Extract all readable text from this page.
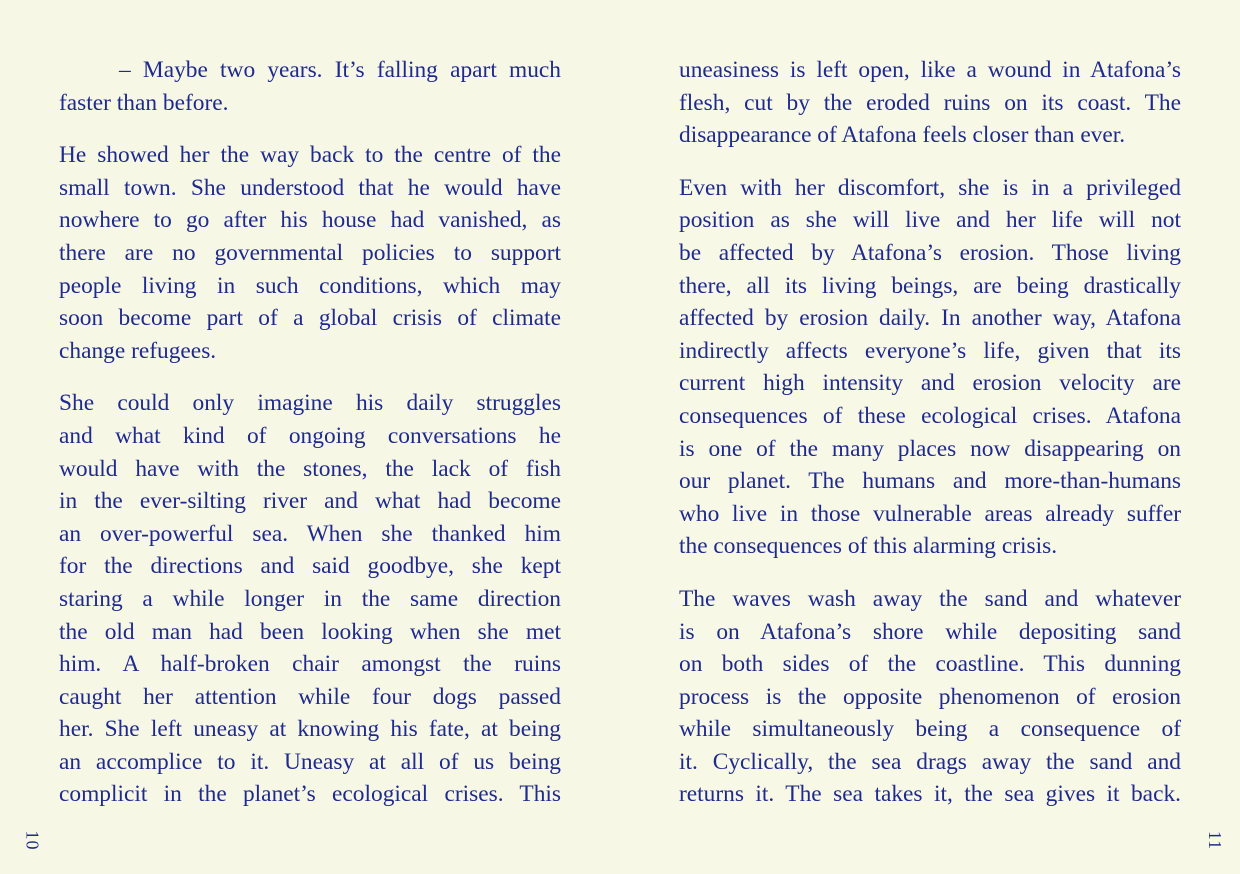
– Maybe two years. It’s falling apart much
faster than before.
He showed her the way back to the centre of the
small town. She understood that he would have
nowhere to go after his house had vanished, as
there are no governmental policies to support
people living in such conditions, which may
soon become part of a global crisis of climate
change refugees.
She could only imagine his daily struggles
and what kind of ongoing conversations he
would have with the stones, the lack of fish
in the ever-silting river and what had become
an over-powerful sea. When she thanked him
for the directions and said goodbye, she kept
staring a while longer in the same direction
the old man had been looking when she met
him. A half-broken chair amongst the ruins
caught her attention while four dogs passed
her. She left uneasy at knowing his fate, at being
an accomplice to it. Uneasy at all of us being
complicit in the planet’s ecological crises. This
10
uneasiness is left open, like a wound in Atafona’s
flesh, cut by the eroded ruins on its coast. The
disappearance of Atafona feels closer than ever.
Even with her discomfort, she is in a privileged
position as she will live and her life will not
be affected by Atafona’s erosion. Those living
there, all its living beings, are being drastically
affected by erosion daily. In another way, Atafona
indirectly affects everyone’s life, given that its
current high intensity and erosion velocity are
consequences of these ecological crises. Atafona
is one of the many places now disappearing on
our planet. The humans and more-than-humans
who live in those vulnerable areas already suffer
the consequences of this alarming crisis.
The waves wash away the sand and whatever
is on Atafona’s shore while depositing sand
on both sides of the coastline. This dunning
process is the opposite phenomenon of erosion
while simultaneously being a consequence of
it. Cyclically, the sea drags away the sand and
returns it. The sea takes it, the sea gives it back.
11
